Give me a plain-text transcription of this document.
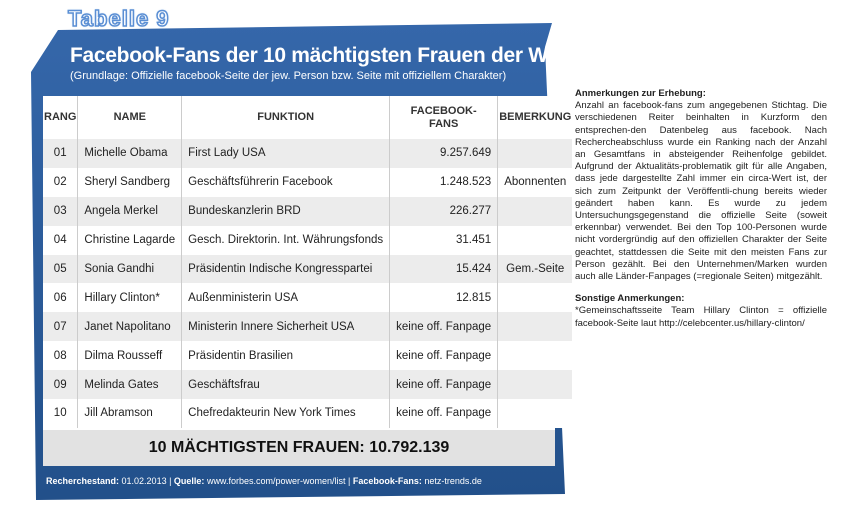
Tabelle 9
Facebook-Fans der 10 mächtigsten Frauen der Welt
(Grundlage: Offizielle facebook-Seite der jew. Person bzw. Seite mit offiziellem Charakter)
RANG	NAME	FUNKTION	FACEBOOK-
FANS	BEMERKUNG
01	Michelle Obama	First Lady USA	9.257.649	
02	Sheryl Sandberg	Geschäftsführerin Facebook	1.248.523	Abonnenten
03	Angela Merkel	Bundeskanzlerin BRD	226.277	
04	Christine Lagarde	Gesch. Direktorin. Int. Währungsfonds	31.451	
05	Sonia Gandhi	Präsidentin Indische Kongresspartei	15.424	Gem.-Seite
06	Hillary Clinton*	Außenministerin USA	12.815	
07	Janet Napolitano	Ministerin Innere Sicherheit USA	keine off. Fanpage	
08	Dilma Rousseff	Präsidentin Brasilien	keine off. Fanpage	
09	Melinda Gates	Geschäftsfrau	keine off. Fanpage	
10	Jill Abramson	Chefredakteurin New York Times	keine off. Fanpage	
10 MÄCHTIGSTEN FRAUEN: 10.792.139
Recherchestand: 01.02.2013 | Quelle: www.forbes.com/power-women/list | Facebook-Fans: netz-trends.de
Anmerkungen zur Erhebung:

Anzahl an facebook-fans zum angegebenen Stichtag. Die verschiedenen Reiter beinhalten in Kurzform den entsprechen-den Datenbeleg aus facebook. Nach Rechercheabschluss wurde ein Ranking nach der Anzahl an Gesamtfans in absteigender Reihenfolge gebildet. Aufgrund der Aktualitäts-problematik gilt für alle Angaben, dass jede dargestellte Zahl immer ein circa-Wert ist, der sich zum Zeitpunkt der Veröffentli-chung bereits wieder geändert haben kann. Es wurde zu jedem Untersuchungsgegenstand die offizielle Seite (soweit erkennbar) verwendet. Bei den Top 100-Personen wurde nicht vordergründig auf den offiziellen Charakter der Seite geachtet, stattdessen die Seite mit den meisten Fans zur Person gezählt. Bei den Unternehmen/Marken wurden auch alle Länder-Fanpages (=regionale Seiten) mitgezählt.

Sonstige Anmerkungen:

*Gemeinschaftsseite Team Hillary Clinton = offizielle facebook-Seite laut http://celebcenter.us/hillary-clinton/
